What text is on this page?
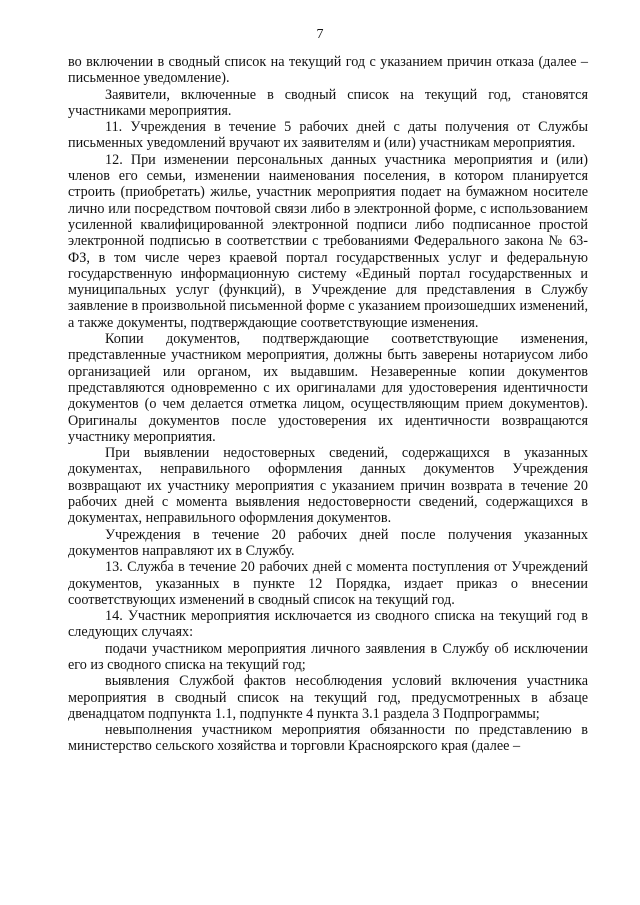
7

во включении в сводный список на текущий год с указанием причин отказа (далее – письменное уведомление).

Заявители, включенные в сводный список на текущий год, становятся участниками мероприятия.

11. Учреждения в течение 5 рабочих дней с даты получения от Службы письменных уведомлений вручают их заявителям и (или) участникам мероприятия.

12. При изменении персональных данных участника мероприятия и (или) членов его семьи, изменении наименования поселения, в котором планируется строить (приобретать) жилье, участник мероприятия подает на бумажном носителе лично или посредством почтовой связи либо в электронной форме, с использованием усиленной квалифицированной электронной подписи либо подписанное простой электронной подписью в соответствии с требованиями Федерального закона № 63-ФЗ, в том числе через краевой портал государственных услуг и федеральную государственную информационную систему «Единый портал государственных и муниципальных услуг (функций), в Учреждение для представления в Службу заявление в произвольной письменной форме с указанием произошедших изменений, а также документы, подтверждающие соответствующие изменения.

Копии документов, подтверждающие соответствующие изменения, представленные участником мероприятия, должны быть заверены нотариусом либо организацией или органом, их выдавшим. Незаверенные копии документов представляются одновременно с их оригиналами для удостоверения идентичности документов (о чем делается отметка лицом, осуществляющим прием документов). Оригиналы документов после удостоверения их идентичности возвращаются участнику мероприятия.

При выявлении недостоверных сведений, содержащихся в указанных документах, неправильного оформления данных документов Учреждения возвращают их участнику мероприятия с указанием причин возврата в течение 20 рабочих дней с момента выявления недостоверности сведений, содержащихся в документах, неправильного оформления документов.

Учреждения в течение 20 рабочих дней после получения указанных документов направляют их в Службу.

13. Служба в течение 20 рабочих дней с момента поступления от Учреждений документов, указанных в пункте 12 Порядка, издает приказ о внесении соответствующих изменений в сводный список на текущий год.

14. Участник мероприятия исключается из сводного списка на текущий год в следующих случаях:

подачи участником мероприятия личного заявления в Службу об исключении его из сводного списка на текущий год;

выявления Службой фактов несоблюдения условий включения участника мероприятия в сводный список на текущий год, предусмотренных в абзаце двенадцатом подпункта 1.1, подпункте 4 пункта 3.1 раздела 3 Подпрограммы;

невыполнения участником мероприятия обязанности по представлению в министерство сельского хозяйства и торговли Красноярского края (далее –
